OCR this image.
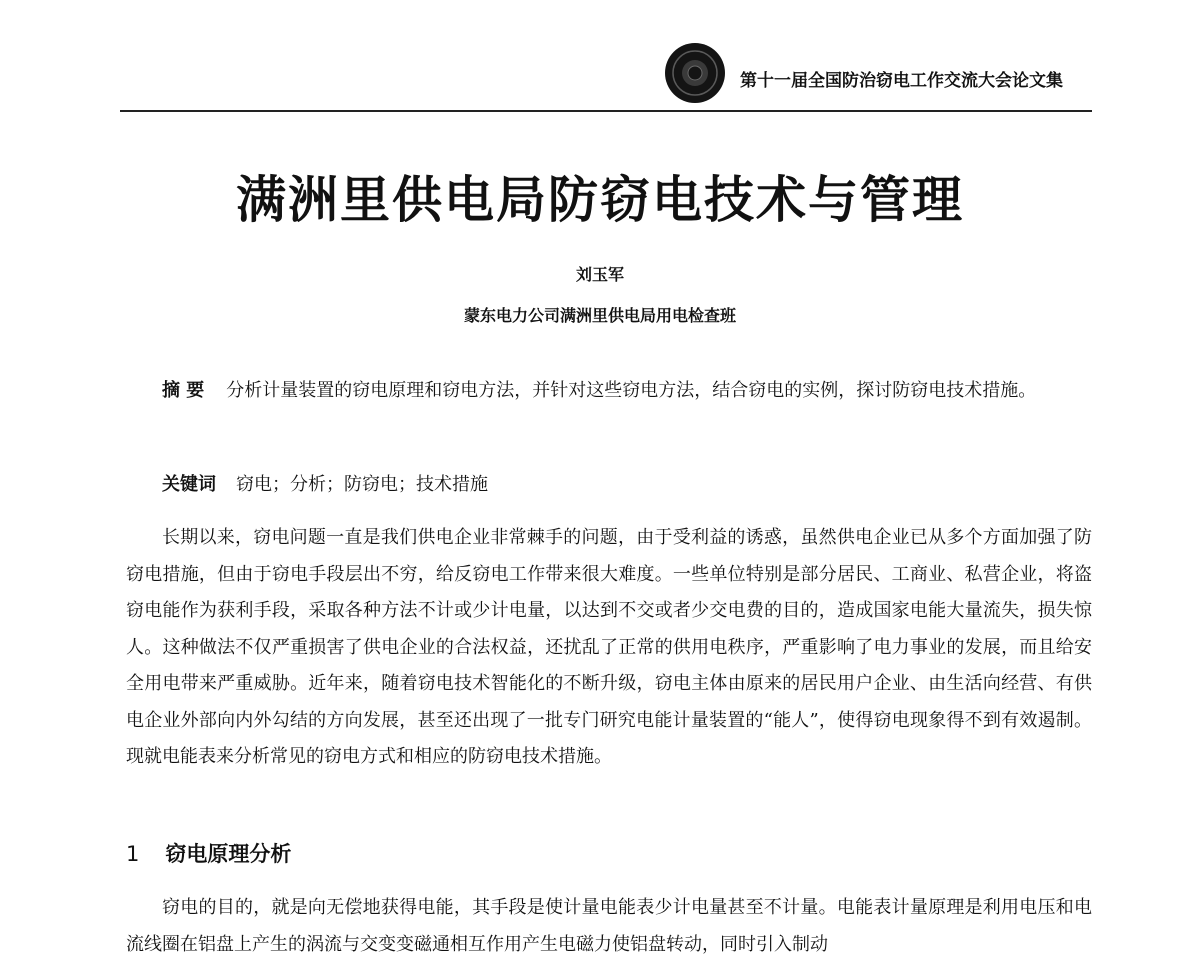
第十一届全国防治窃电工作交流大会论文集
满洲里供电局防窃电技术与管理
刘玉军
蒙东电力公司满洲里供电局用电检查班

摘 要 分析计量装置的窃电原理和窃电方法，并针对这些窃电方法，结合窃电的实例，探讨防窃电技术措施。

关键词 窃电；分析；防窃电；技术措施

长期以来，窃电问题一直是我们供电企业非常棘手的问题，由于受利益的诱惑，虽然供电企业已从多个方面加强了防窃电措施，但由于窃电手段层出不穷，给反窃电工作带来很大难度。一些单位特别是部分居民、工商业、私营企业，将盗窃电能作为获利手段，采取各种方法不计或少计电量，以达到不交或者少交电费的目的，造成国家电能大量流失，损失惊人。这种做法不仅严重损害了供电企业的合法权益，还扰乱了正常的供用电秩序，严重影响了电力事业的发展，而且给安全用电带来严重威胁。近年来，随着窃电技术智能化的不断升级，窃电主体由原来的居民用户企业、由生活向经营、有供电企业外部向内外勾结的方向发展，甚至还出现了一批专门研究电能计量装置的“能人”，使得窃电现象得不到有效遏制。现就电能表来分析常见的窃电方式和相应的防窃电技术措施。

1 窃电原理分析

窃电的目的，就是向无偿地获得电能，其手段是使计量电能表少计电量甚至不计量。电能表计量原理是利用电压和电流线圈在铝盘上产生的涡流与交变变磁通相互作用产生电磁力使铝盘转动，同时引入制动
